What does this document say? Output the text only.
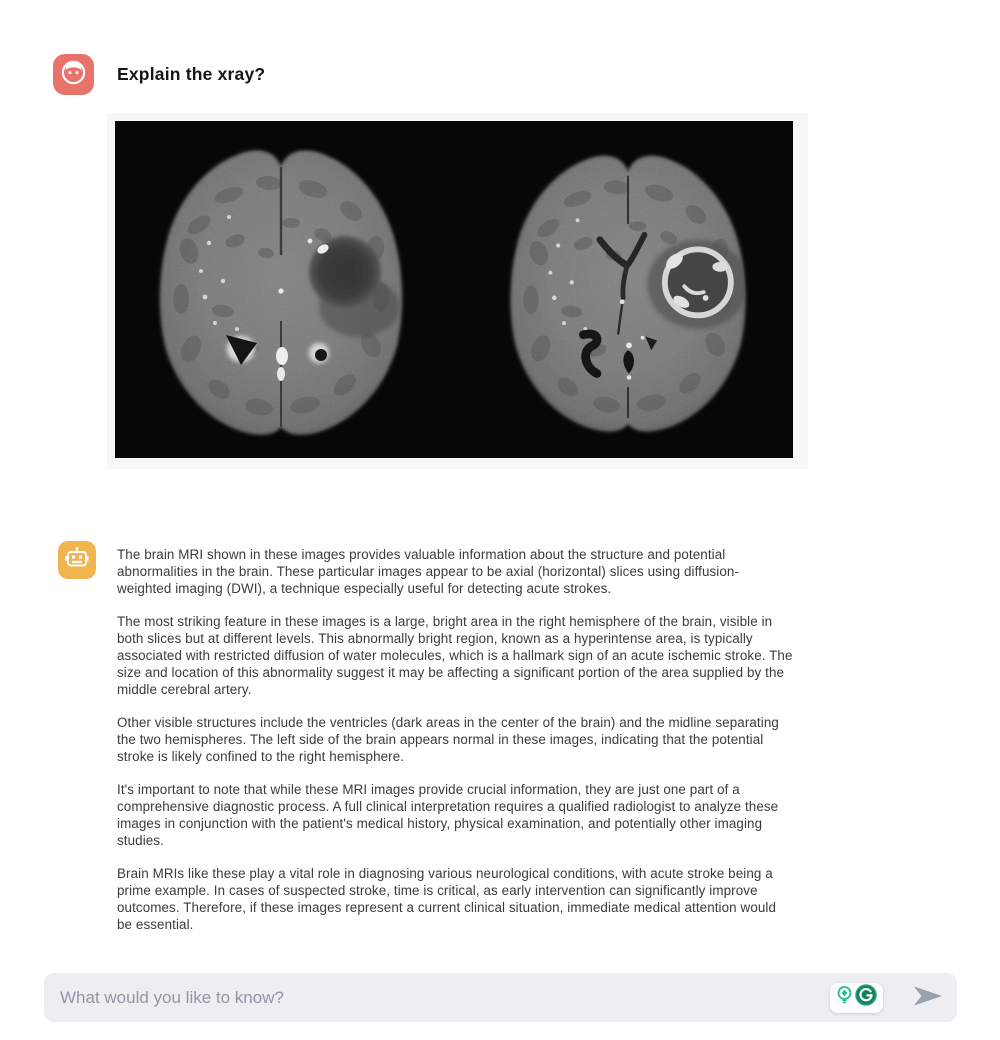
Explain the xray?

The brain MRI shown in these images provides valuable information about the structure and potential abnormalities in the brain. These particular images appear to be axial (horizontal) slices using diffusion-weighted imaging (DWI), a technique especially useful for detecting acute strokes.

The most striking feature in these images is a large, bright area in the right hemisphere of the brain, visible in both slices but at different levels. This abnormally bright region, known as a hyperintense area, is typically associated with restricted diffusion of water molecules, which is a hallmark sign of an acute ischemic stroke. The size and location of this abnormality suggest it may be affecting a significant portion of the area supplied by the middle cerebral artery.

Other visible structures include the ventricles (dark areas in the center of the brain) and the midline separating the two hemispheres. The left side of the brain appears normal in these images, indicating that the potential stroke is likely confined to the right hemisphere.

It's important to note that while these MRI images provide crucial information, they are just one part of a comprehensive diagnostic process. A full clinical interpretation requires a qualified radiologist to analyze these images in conjunction with the patient's medical history, physical examination, and potentially other imaging studies.

Brain MRIs like these play a vital role in diagnosing various neurological conditions, with acute stroke being a prime example. In cases of suspected stroke, time is critical, as early intervention can significantly improve outcomes. Therefore, if these images represent a current clinical situation, immediate medical attention would be essential.

What would you like to know?
